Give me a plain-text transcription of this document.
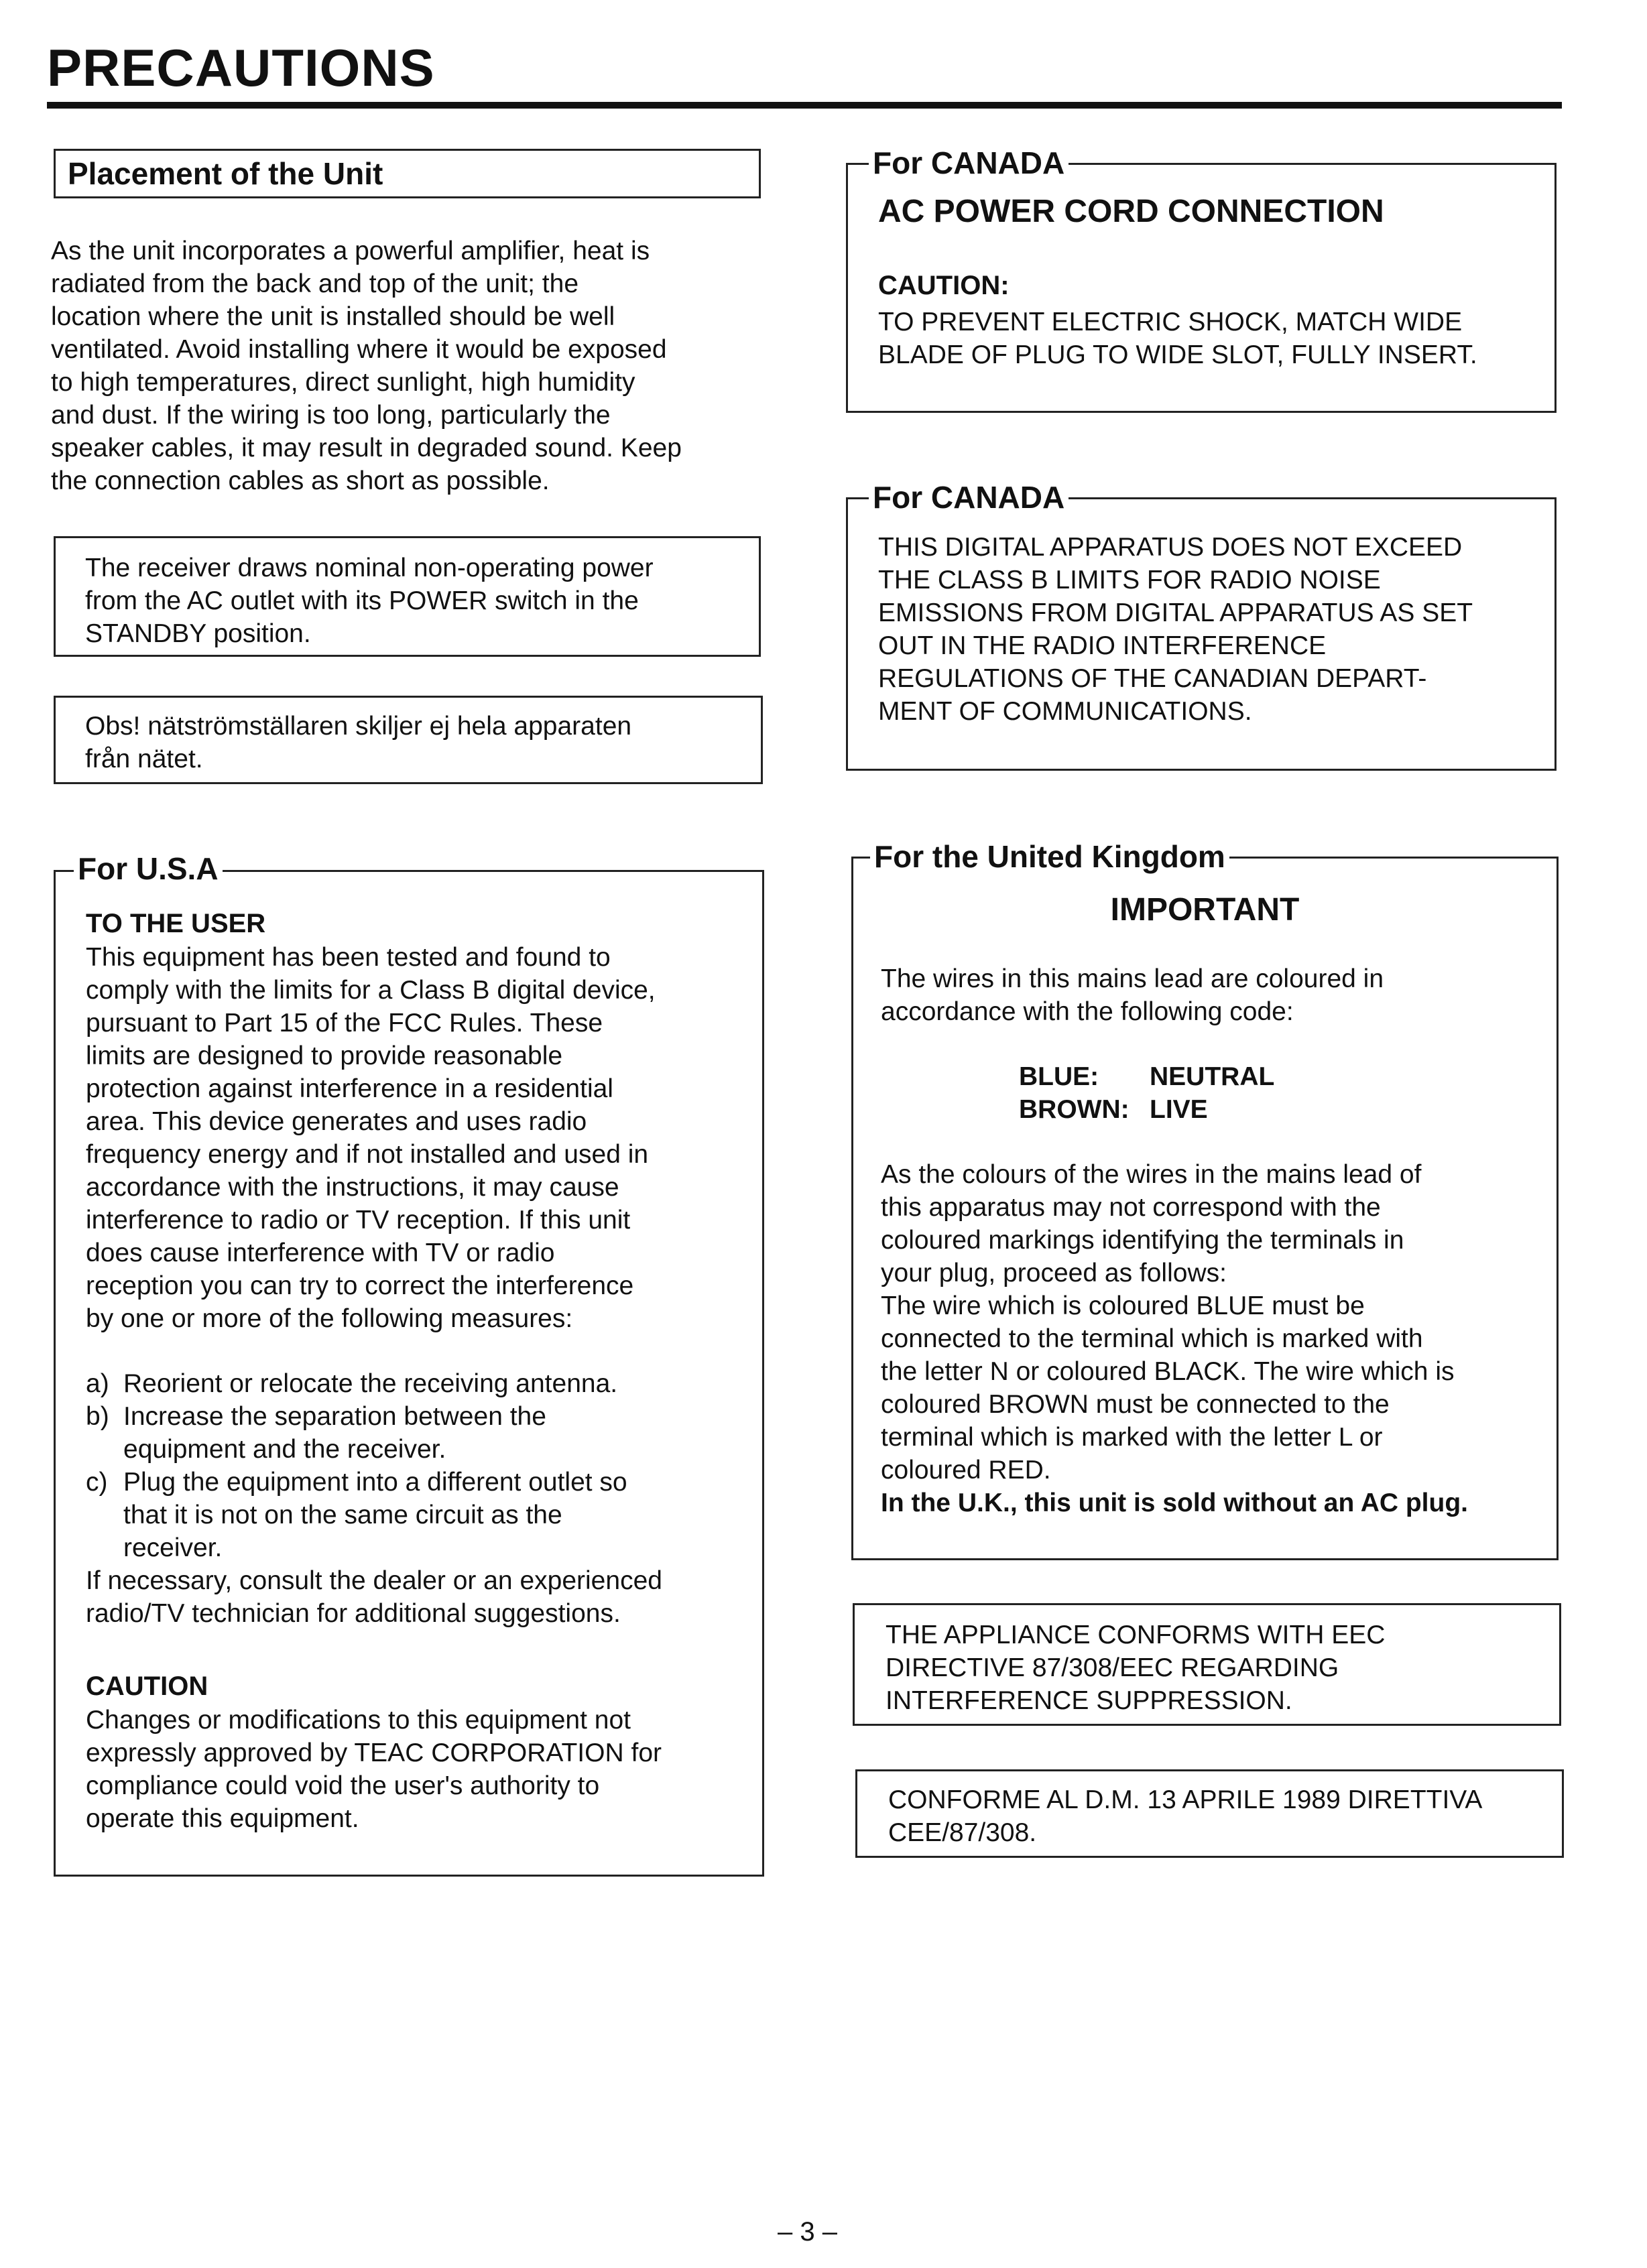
PRECAUTIONS
Placement of the Unit
As the unit incorporates a powerful amplifier, heat is
radiated from the back and top of the unit; the
location where the unit is installed should be well
ventilated. Avoid installing where it would be exposed
to high temperatures, direct sunlight, high humidity
and dust. If the wiring is too long, particularly the
speaker cables, it may result in degraded sound. Keep
the connection cables as short as possible.
The receiver draws nominal non-operating power
from the AC outlet with its POWER switch in the
STANDBY position.
Obs! nätströmställaren skiljer ej hela apparaten
från nätet.
For U.S.A
TO THE USER
This equipment has been tested and found to
comply with the limits for a Class B digital device,
pursuant to Part 15 of the FCC Rules. These
limits are designed to provide reasonable
protection against interference in a residential
area. This device generates and uses radio
frequency energy and if not installed and used in
accordance with the instructions, it may cause
interference to radio or TV reception. If this unit
does cause interference with TV or radio
reception you can try to correct the interference
by one or more of the following measures:
a) Reorient or relocate the receiving antenna.
b) Increase the separation between the
equipment and the receiver.
c) Plug the equipment into a different outlet so
that it is not on the same circuit as the
receiver.
If necessary, consult the dealer or an experienced
radio/TV technician for additional suggestions.
CAUTION
Changes or modifications to this equipment not
expressly approved by TEAC CORPORATION for
compliance could void the user's authority to
operate this equipment.
For CANADA
AC POWER CORD CONNECTION
CAUTION:
TO PREVENT ELECTRIC SHOCK, MATCH WIDE
BLADE OF PLUG TO WIDE SLOT, FULLY INSERT.
For CANADA
THIS DIGITAL APPARATUS DOES NOT EXCEED
THE CLASS B LIMITS FOR RADIO NOISE
EMISSIONS FROM DIGITAL APPARATUS AS SET
OUT IN THE RADIO INTERFERENCE
REGULATIONS OF THE CANADIAN DEPART-
MENT OF COMMUNICATIONS.
For the United Kingdom
IMPORTANT
The wires in this mains lead are coloured in
accordance with the following code:
BLUE:	NEUTRAL
BROWN: LIVE
As the colours of the wires in the mains lead of
this apparatus may not correspond with the
coloured markings identifying the terminals in
your plug, proceed as follows:
The wire which is coloured BLUE must be
connected to the terminal which is marked with
the letter N or coloured BLACK. The wire which is
coloured BROWN must be connected to the
terminal which is marked with the letter L or
coloured RED.
In the U.K., this unit is sold without an AC plug.
THE APPLIANCE CONFORMS WITH EEC
DIRECTIVE 87/308/EEC REGARDING
INTERFERENCE SUPPRESSION.
CONFORME AL D.M. 13 APRILE 1989 DIRETTIVA
CEE/87/308.
– 3 –
